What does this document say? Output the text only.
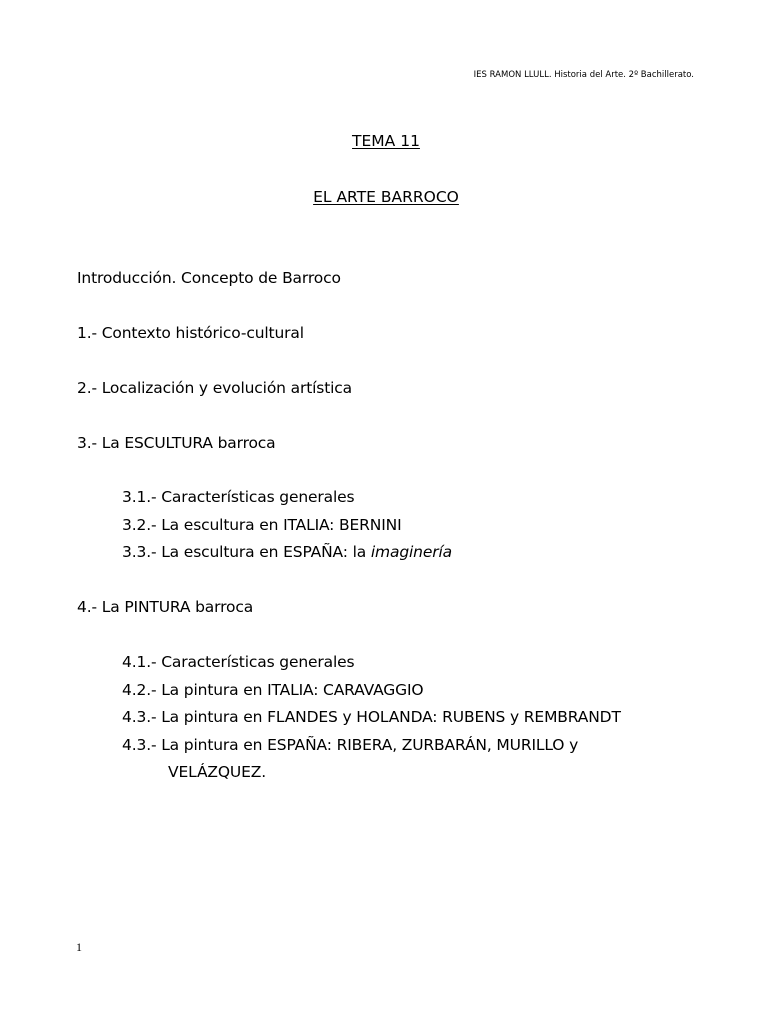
IES RAMON LLULL. Historia del Arte. 2º Bachillerato.
TEMA 11
EL ARTE BARROCO
Introducción. Concepto de Barroco
1.- Contexto histórico-cultural
2.- Localización y evolución artística
3.- La ESCULTURA barroca
3.1.- Características generales
3.2.- La escultura en ITALIA: BERNINI
3.3.- La escultura en ESPAÑA: la imaginería
4.- La PINTURA barroca
4.1.- Características generales
4.2.- La pintura en ITALIA: CARAVAGGIO
4.3.- La pintura en FLANDES y HOLANDA: RUBENS y REMBRANDT
4.3.- La pintura en ESPAÑA: RIBERA, ZURBARÁN, MURILLO y
VELÁZQUEZ.
1
